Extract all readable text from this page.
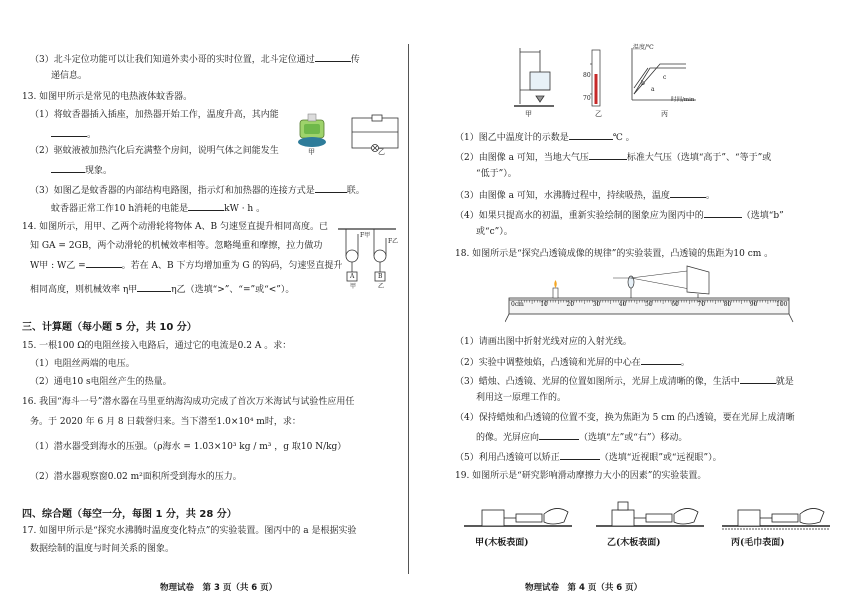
（3）北斗定位功能可以让我们知道外卖小哥的实时位置，北斗定位通过	传
递信息。
13. 如图甲所示是常见的电热液体蚊香器。
（1）将蚊香器插入插座，加热器开始工作，温度升高，其内能
。
（2）驱蚊液被加热汽化后充满整个房间，说明气体之间能发生
现象。
（3）如图乙是蚊香器的内部结构电路图，指示灯和加热器的连接方式是	联。
蚊香器正常工作10 h消耗的电能是	kW · h 。
甲	乙
14. 如图所示，用甲、乙两个动滑轮将物体 A、B 匀速竖直提升相同高度。已
知 GA = 2GB，两个动滑轮的机械效率相等。忽略绳重和摩擦，拉力做功
W甲 : W乙 =	。若在 A、B 下方均增加重为 G 的钩码，匀速竖直提升
相同高度，则机械效率 η甲	η乙（选填“>”、“=”或“<”）。
F甲
F乙
A	B
甲	乙
三、计算题（每小题 5 分，共 10 分）
15. 一根100 Ω的电阻丝接入电路后，通过它的电流是0.2 A 。求：
（1）电阻丝两端的电压。
（2）通电10 s电阻丝产生的热量。
16. 我国“海斗一号”潜水器在马里亚纳海沟成功完成了首次万米海试与试验性应用任
务。于 2020 年 6 月 8 日载誉归来。当下潜至1.0×10⁴ m时，求：
（1）潜水器受到海水的压强。（ρ海水 = 1.03×10³ kg / m³ ，g 取10 N/kg）
（2）潜水器观察窗0.02 m²面积所受到海水的压力。
四、综合题（每空一分，每图 1 分，共 28 分）
17. 如图甲所示是“探究水沸腾时温度变化特点”的实验装置。图丙中的 a 是根据实验
数据绘制的温度与时间关系的图象。
物理试卷　第 3 页（共 6 页）
80
70
温度/℃
时间/min
b
a
c
甲	乙	丙
（1）图乙中温度计的示数是	℃ 。
（2）由图像 a 可知，当地大气压	标准大气压（选填“高于”、“等于”或
“低于”）。
（3）由图像 a 可知，水沸腾过程中，持续吸热，温度	。
（4）如果只提高水的初温，重新实验绘制的图象应为图丙中的	（选填“b”
或“c”）。
18. 如图所示是“探究凸透镜成像的规律”的实验装置，凸透镜的焦距为10 cm 。
0cm	10	20	30	40	50	60	70	80	90	100
（1）请画出图中折射光线对应的入射光线。
（2）实验中调整烛焰，凸透镜和光屏的中心在	。
（3）蜡烛、凸透镜、光屏的位置如图所示，光屏上成清晰的像，生活中	就是
利用这一原理工作的。
（4）保持蜡烛和凸透镜的位置不变，换为焦距为 5 cm 的凸透镜，要在光屏上成清晰
的像。光屏应向	（选填“左”或“右”）移动。
（5）利用凸透镜可以矫正	（选填“近视眼”或“远视眼”）。
19. 如图所示是“研究影响滑动摩擦力大小的因素”的实验装置。
甲(木板表面)	乙(木板表面)	丙(毛巾表面)
物理试卷　第 4 页（共 6 页）
